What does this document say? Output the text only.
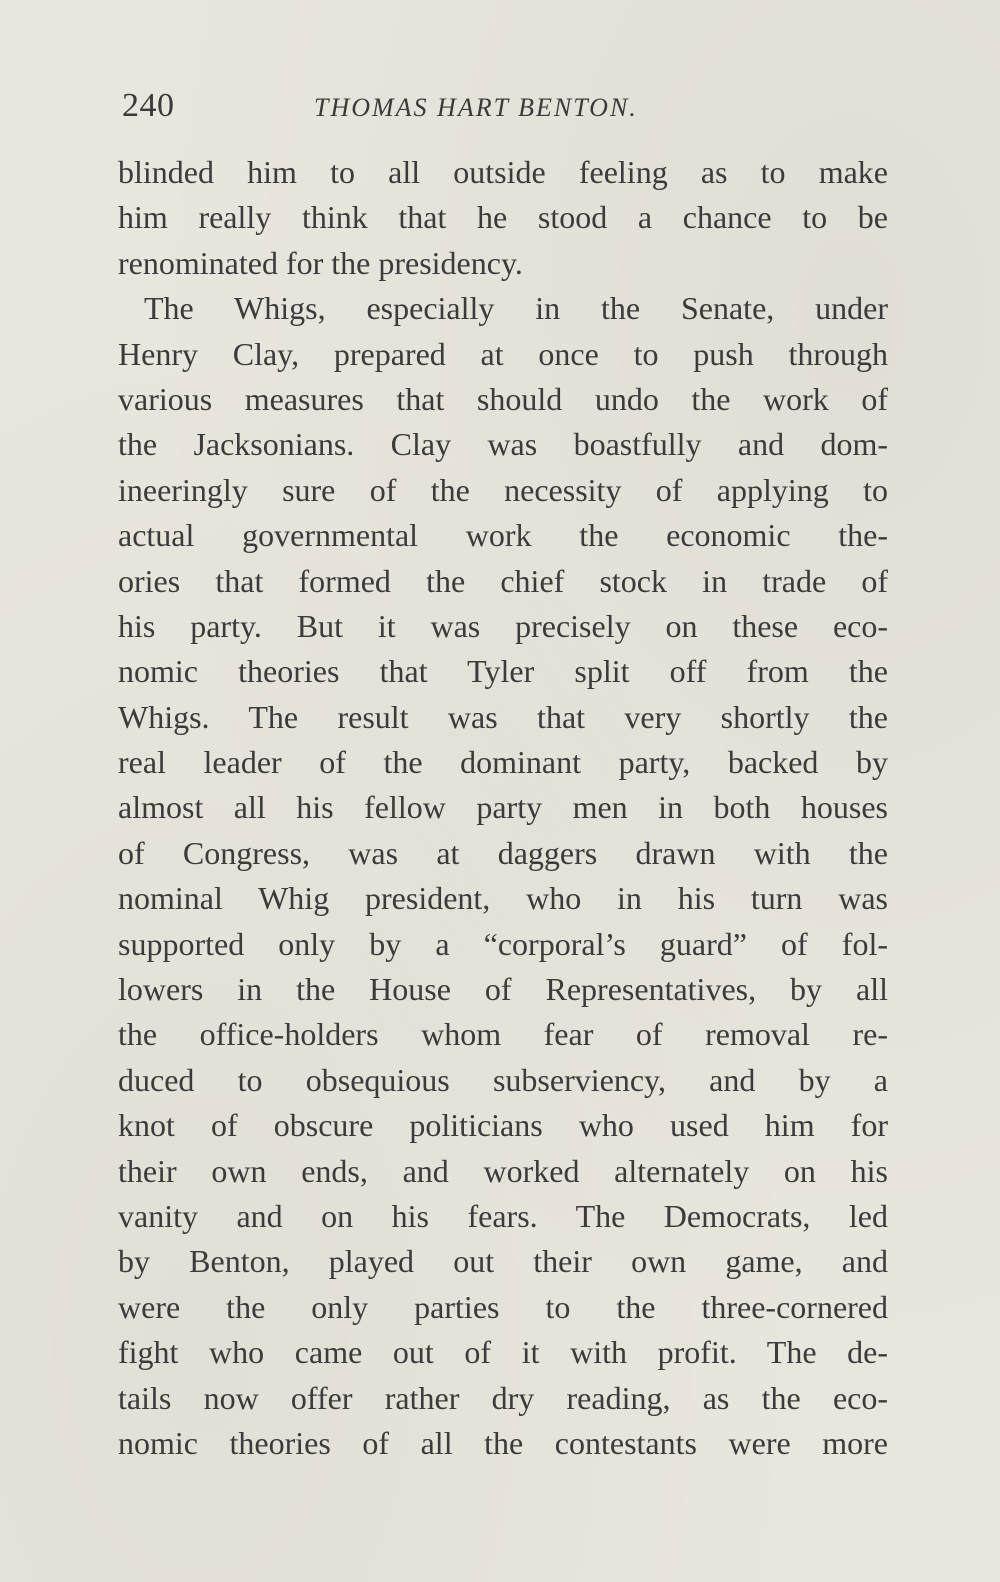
240	THOMAS HART BENTON.
blinded him to all outside feeling as to make
him really think that he stood a chance to be
renominated for the presidency.
The Whigs, especially in the Senate, under
Henry Clay, prepared at once to push through
various measures that should undo the work of
the Jacksonians. Clay was boastfully and dom-
ineeringly sure of the necessity of applying to
actual governmental work the economic the-
ories that formed the chief stock in trade of
his party. But it was precisely on these eco-
nomic theories that Tyler split off from the
Whigs. The result was that very shortly the
real leader of the dominant party, backed by
almost all his fellow party men in both houses
of Congress, was at daggers drawn with the
nominal Whig president, who in his turn was
supported only by a “corporal’s guard” of fol-
lowers in the House of Representatives, by all
the office-holders whom fear of removal re-
duced to obsequious subserviency, and by a
knot of obscure politicians who used him for
their own ends, and worked alternately on his
vanity and on his fears. The Democrats, led
by Benton, played out their own game, and
were the only parties to the three-cornered
fight who came out of it with profit. The de-
tails now offer rather dry reading, as the eco-
nomic theories of all the contestants were more
